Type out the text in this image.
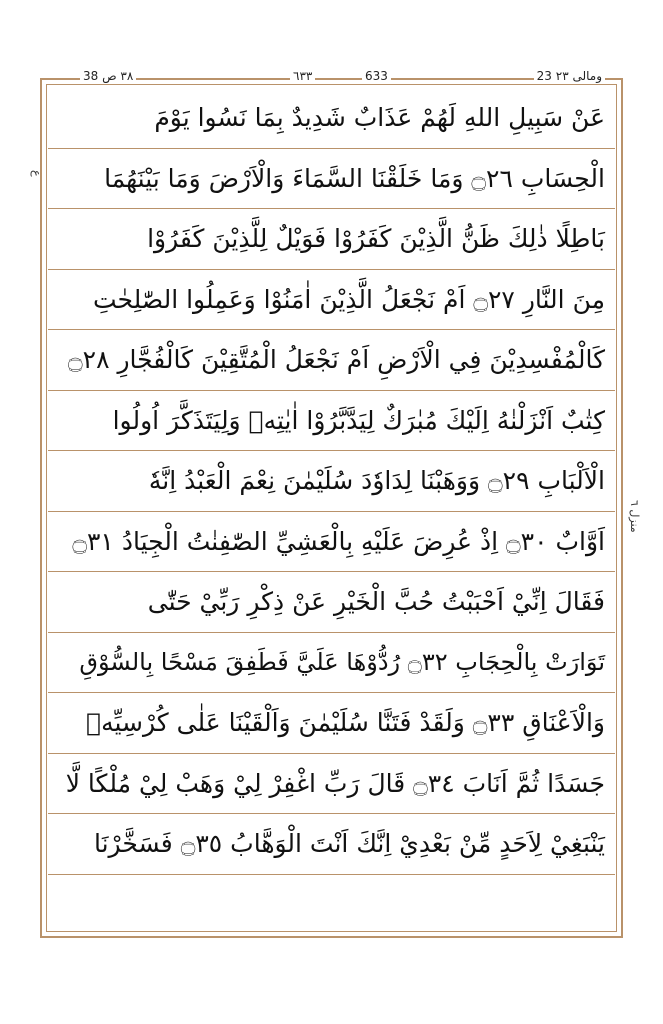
٣٨ ص 38	٦٣٣	633	23 ومالى ٢٣
ع
منزل ٦
عَنْ سَبِيلِ اللهِ لَهُمْ عَذَابٌ شَدِيدٌ بِمَا نَسُوا يَوْمَ
الْحِسَابِ ۝٢٦ وَمَا خَلَقْنَا السَّمَاءَ وَالْاَرْضَ وَمَا بَيْنَهُمَا
بَاطِلًا ذٰلِكَ ظَنُّ الَّذِيْنَ كَفَرُوْا فَوَيْلٌ لِلَّذِيْنَ كَفَرُوْا
مِنَ النَّارِ ۝٢٧ اَمْ نَجْعَلُ الَّذِيْنَ اٰمَنُوْا وَعَمِلُوا الصّٰلِحٰتِ
كَالْمُفْسِدِيْنَ فِي الْاَرْضِ اَمْ نَجْعَلُ الْمُتَّقِيْنَ كَالْفُجَّارِ ۝٢٨
كِتٰبٌ اَنْزَلْنٰهُ اِلَيْكَ مُبٰرَكٌ لِيَدَّبَّرُوْا اٰيٰتِهٖ وَلِيَتَذَكَّرَ اُولُوا
الْاَلْبَابِ ۝٢٩ وَوَهَبْنَا لِدَاوٗدَ سُلَيْمٰنَ نِعْمَ الْعَبْدُ اِنَّهٗ
اَوَّابٌ ۝٣٠ اِذْ عُرِضَ عَلَيْهِ بِالْعَشِيِّ الصّٰفِنٰتُ الْجِيَادُ ۝٣١
فَقَالَ اِنِّيْ اَحْبَبْتُ حُبَّ الْخَيْرِ عَنْ ذِكْرِ رَبِّيْ حَتّٰى
تَوَارَتْ بِالْحِجَابِ ۝٣٢ رُدُّوْهَا عَلَيَّ فَطَفِقَ مَسْحًا بِالسُّوْقِ
وَالْاَعْنَاقِ ۝٣٣ وَلَقَدْ فَتَنَّا سُلَيْمٰنَ وَاَلْقَيْنَا عَلٰى كُرْسِيِّهٖ
جَسَدًا ثُمَّ اَنَابَ ۝٣٤ قَالَ رَبِّ اغْفِرْ لِيْ وَهَبْ لِيْ مُلْكًا لَّا
يَنْبَغِيْ لِاَحَدٍ مِّنْ بَعْدِيْ اِنَّكَ اَنْتَ الْوَهَّابُ ۝٣٥ فَسَخَّرْنَا
